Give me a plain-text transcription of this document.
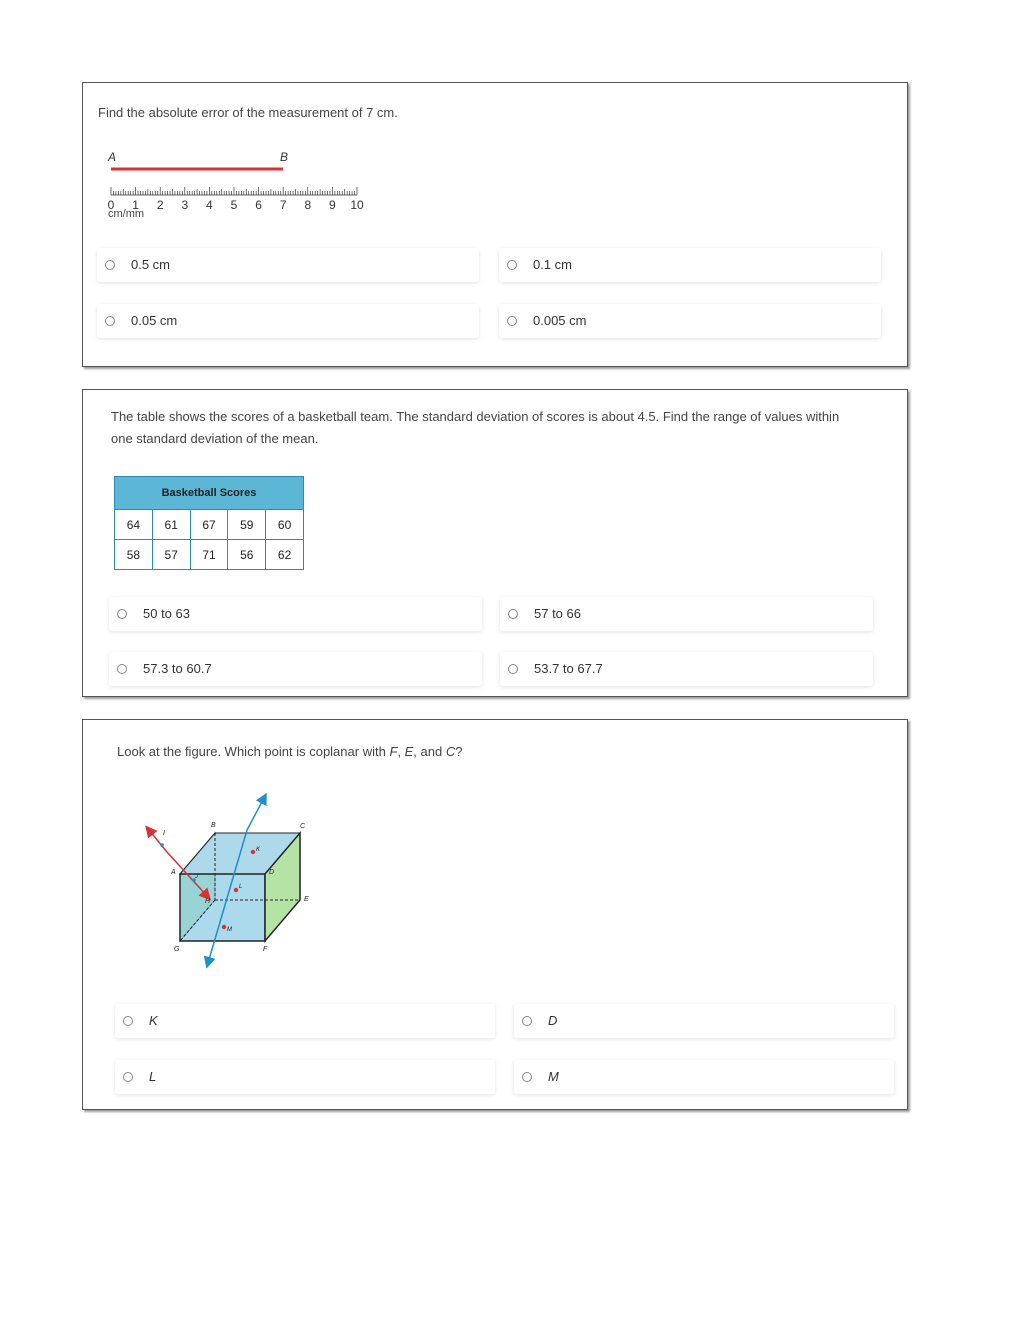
Find the absolute error of the measurement of 7 cm.
A	B
0 1 2 3 4 5 6 7 8 9 10
cm/mm
0.5 cm	0.1 cm
0.05 cm	0.005 cm
The table shows the scores of a basketball team. The standard deviation of scores is about 4.5. Find the range of values within
one standard deviation of the mean.
Basketball Scores				
64	61	67	59	60
58	57	71	56	62
50 to 63	57 to 66
57.3 to 60.7	53.7 to 67.7
Look at the figure. Which point is coplanar with F, E, and C?
I
B	C
K
A
J
D
L
H	E
M
G	F
K	D
L	M
